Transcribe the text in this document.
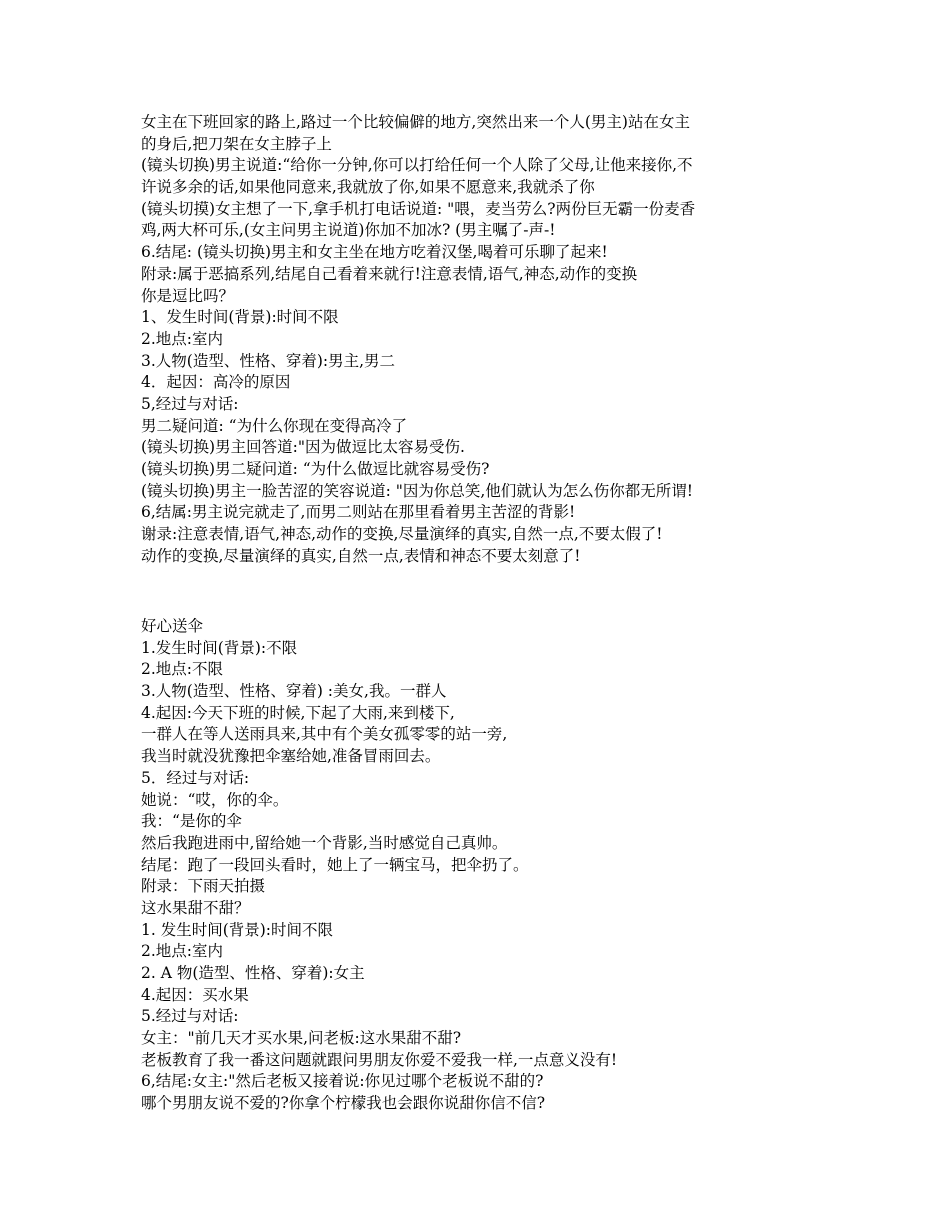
女主在下班回家的路上,路过一个比较偏僻的地方,突然出来一个人(男主)站在女主
的身后,把刀架在女主脖子上
(镜头切换)男主说道:“给你一分钟,你可以打给任何一个人除了父母,让他来接你,不
许说多余的话,如果他同意来,我就放了你,如果不愿意来,我就杀了你
(镜头切摸)女主想了一下,拿手机打电话说道: "喂，麦当劳么?两份巨无霸一份麦香
鸡,两大杯可乐,(女主问男主说道)你加不加冰? (男主嘱了-声-!
6.结尾: (镜头切换)男主和女主坐在地方吃着汉堡,喝着可乐聊了起来!
附录:属于恶搞系列,结尾自己看着来就行!注意表情,语气,神态,动作的变换
你是逗比吗？
1、发生时间(背景):时间不限
2.地点:室内
3.人物(造型、性格、穿着):男主,男二
4．起因：高冷的原因
5,经过与对话:
男二疑问道: “为什么你现在变得高冷了
(镜头切换)男主回答道:"因为做逗比太容易受伤.
(镜头切换)男二疑问道: “为什么做逗比就容易受伤?
(镜头切换)男主一脸苦涩的笑容说道: "因为你总笑,他们就认为怎么伤你都无所谓!
6,结属:男主说完就走了,而男二则站在那里看着男主苦涩的背影!
谢录:注意表情,语气,神态,动作的变换,尽量演绎的真实,自然一点,不要太假了!
动作的变换,尽量演绎的真实,自然一点,表情和神态不要太刻意了!
好心送伞
1.发生时间(背景):不限
2.地点:不限
3.人物(造型、性格、穿着) :美女,我。一群人
4.起因:今天下班的时候,下起了大雨,来到楼下,
一群人在等人送雨具来,其中有个美女孤零零的站一旁,
我当时就没犹豫把伞塞给她,准备冒雨回去。
5．经过与对话:
她说：“哎，你的伞。
我：“是你的伞
然后我跑进雨中,留给她一个背影,当时感觉自己真帅。
结尾：跑了一段回头看时，她上了一辆宝马，把伞扔了。
附录：下雨天拍摄
这水果甜不甜？
1. 发生时间(背景):时间不限
2.地点:室内
2. A 物(造型、性格、穿着):女主
4.起因：买水果
5.经过与对话:
女主："前几天才买水果,问老板:这水果甜不甜?
老板教育了我一番这问题就跟问男朋友你爱不爱我一样,一点意义没有!
6,结尾:女主:"然后老板又接着说:你见过哪个老板说不甜的?
哪个男朋友说不爱的?你拿个柠檬我也会跟你说甜你信不信?
